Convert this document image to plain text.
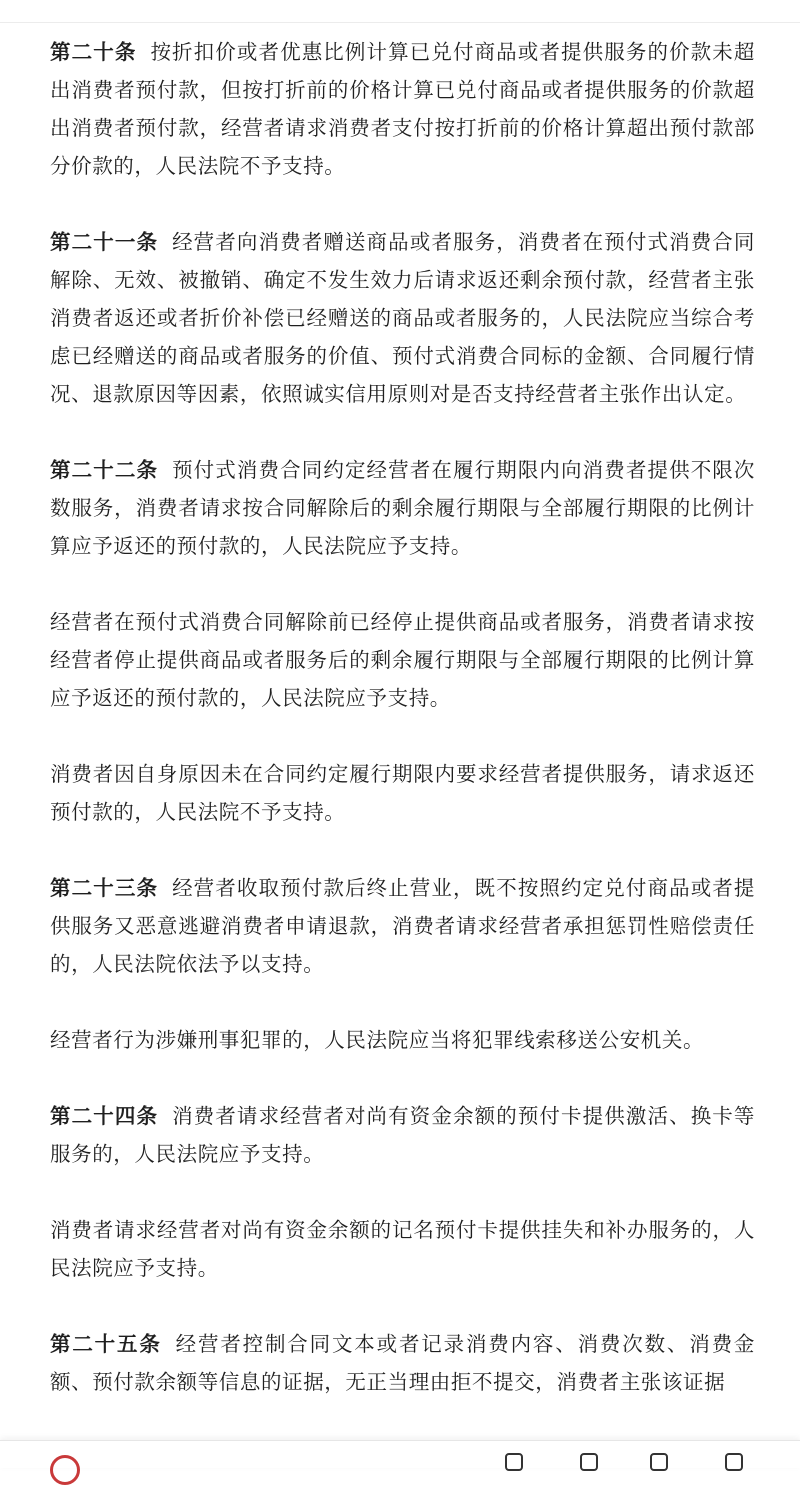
第二十条 按折扣价或者优惠比例计算已兑付商品或者提供服务的价款未超出消费者预付款，但按打折前的价格计算已兑付商品或者提供服务的价款超出消费者预付款，经营者请求消费者支付按打折前的价格计算超出预付款部分价款的，人民法院不予支持。

第二十一条 经营者向消费者赠送商品或者服务，消费者在预付式消费合同解除、无效、被撤销、确定不发生效力后请求返还剩余预付款，经营者主张消费者返还或者折价补偿已经赠送的商品或者服务的，人民法院应当综合考虑已经赠送的商品或者服务的价值、预付式消费合同标的金额、合同履行情况、退款原因等因素，依照诚实信用原则对是否支持经营者主张作出认定。

第二十二条 预付式消费合同约定经营者在履行期限内向消费者提供不限次数服务，消费者请求按合同解除后的剩余履行期限与全部履行期限的比例计算应予返还的预付款的，人民法院应予支持。

经营者在预付式消费合同解除前已经停止提供商品或者服务，消费者请求按经营者停止提供商品或者服务后的剩余履行期限与全部履行期限的比例计算应予返还的预付款的，人民法院应予支持。

消费者因自身原因未在合同约定履行期限内要求经营者提供服务，请求返还预付款的，人民法院不予支持。

第二十三条 经营者收取预付款后终止营业，既不按照约定兑付商品或者提供服务又恶意逃避消费者申请退款，消费者请求经营者承担惩罚性赔偿责任的，人民法院依法予以支持。

经营者行为涉嫌刑事犯罪的，人民法院应当将犯罪线索移送公安机关。

第二十四条 消费者请求经营者对尚有资金余额的预付卡提供激活、换卡等服务的，人民法院应予支持。

消费者请求经营者对尚有资金余额的记名预付卡提供挂失和补办服务的，人民法院应予支持。

第二十五条 经营者控制合同文本或者记录消费内容、消费次数、消费金额、预付款余额等信息的证据，无正当理由拒不提交，消费者主张该证据
